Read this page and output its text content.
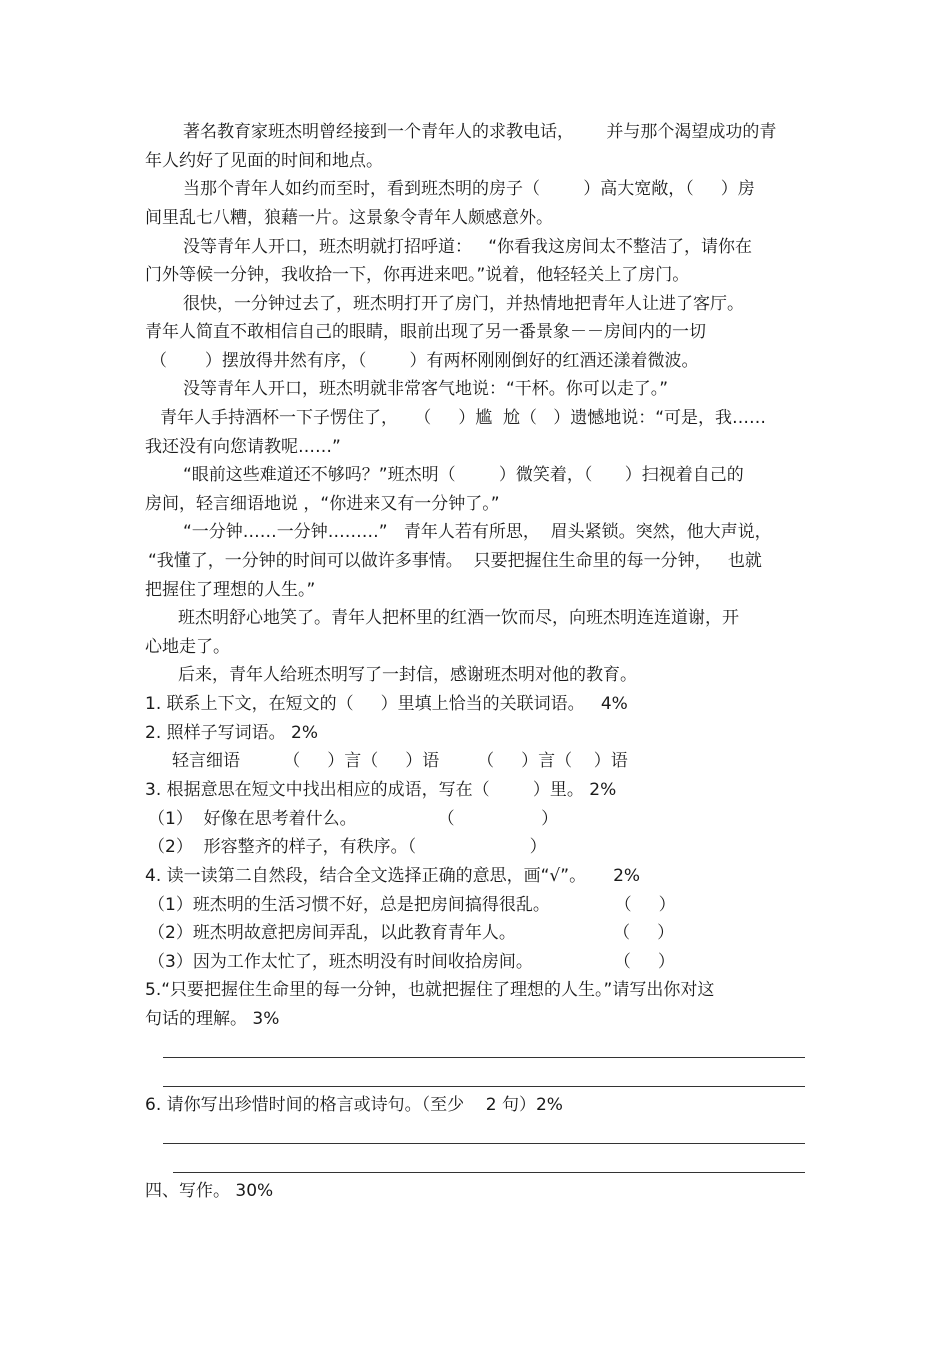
著名教育家班杰明曾经接到一个青年人的求教电话，      并与那个渴望成功的青
年人约好了见面的时间和地点。
当那个青年人如约而至时，看到班杰明的房子（        ）高大宽敞，（     ）房
间里乱七八糟，狼藉一片。这景象令青年人颇感意外。
没等青年人开口，班杰明就打招呼道：   “你看我这房间太不整洁了，请你在
门外等候一分钟，我收拾一下，你再进来吧。”说着，他轻轻关上了房门。
很快，一分钟过去了，班杰明打开了房门，并热情地把青年人让进了客厅。
青年人简直不敢相信自己的眼睛，眼前出现了另一番景象－－房间内的一切
（       ）摆放得井然有序，（        ）有两杯刚刚倒好的红酒还漾着微波。
没等青年人开口，班杰明就非常客气地说：“干杯。你可以走了。”
青年人手持酒杯一下子愣住了，   （     ）尴  尬（   ）遗憾地说：“可是，我……
我还没有向您请教呢……”
“眼前这些难道还不够吗？”班杰明（        ）微笑着，（      ）扫视着自己的
房间，轻言细语地说 ，“你进来又有一分钟了。”
“一分钟……一分钟………”   青年人若有所思，  眉头紧锁。突然，他大声说，
“我懂了，一分钟的时间可以做许多事情。  只要把握住生命里的每一分钟，   也就
把握住了理想的人生。”
班杰明舒心地笑了。青年人把杯里的红酒一饮而尽，向班杰明连连道谢，开
心地走了。
后来，青年人给班杰明写了一封信，感谢班杰明对他的教育。
1. 联系上下文，在短文的（     ）里填上恰当的关联词语。   4%
2. 照样子写词语。 2%
轻言细语        （     ）言（     ）语       （     ）言（    ）语
3. 根据意思在短文中找出相应的成语，写在（        ）里。 2%
（1）  好像在思考着什么。               （                ）
（2）  形容整齐的样子，有秩序。（                     ）
4. 读一读第二自然段，结合全文选择正确的意思，画“√”。     2%
（1）班杰明的生活习惯不好，总是把房间搞得很乱。            （     ）
（2）班杰明故意把房间弄乱，以此教育青年人。                  （     ）
（3）因为工作太忙了，班杰明没有时间收拾房间。               （     ）
5.“只要把握住生命里的每一分钟，也就把握住了理想的人生。”请写出你对这
句话的理解。 3%
6. 请你写出珍惜时间的格言或诗句。（至少    2 句）2%
四、写作。 30%
